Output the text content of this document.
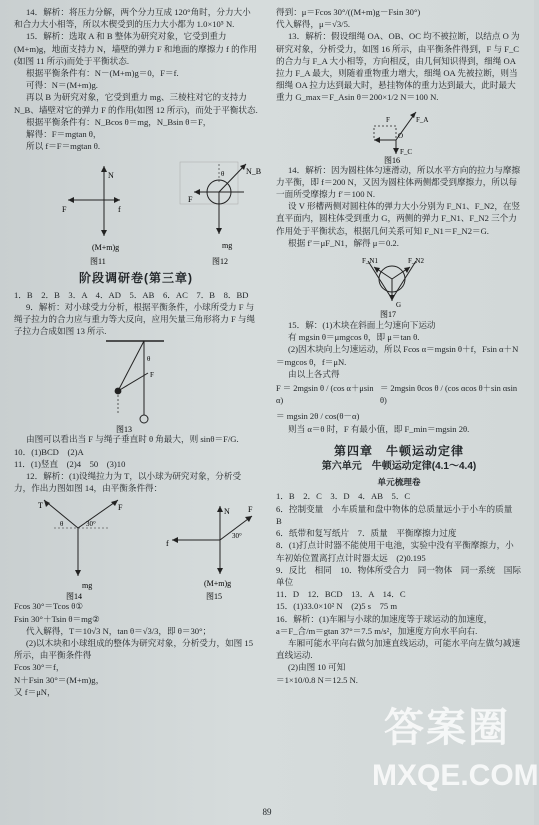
14．解析：将压力分解，两个分力互成 120°角时，分力大小和合力大小相等，所以木楔受到的压力大小都为 1.0×10⁵ N.

15．解析：选取 A 和 B 整体为研究对象，它受到重力(M+m)g，地面支持力 N，墙壁的弹力 F 和地面的摩擦力 f 的作用(如图 11 所示)而处于平衡状态.

根据平衡条件有：N－(M+m)g＝0，F＝f.

可得：N＝(M+m)g.

再以 B 为研究对象，它受到重力 mg、三棱柱对它的支持力 N_B、墙壁对它的弹力 F 的作用(如图 12 所示)，而处于平衡状态.

根据平衡条件有：N_Bcos θ＝mg，N_Bsin θ＝F，

解得：F＝mgtan θ，

所以 f＝F＝mgtan θ.

N
F	f
(M+m)g
图11
θ	N_B
F
mg
图12
阶段调研卷(第三章)

1．B　2．B　3．A　4．AD　5．AB　6．AC　7．B　8．BD

9．解析：对小球受力分析，根据平衡条件，小球所受力 F 与绳子拉力的合力应与重力等大反向，应用矢量三角形将力 F 与绳子拉力合成如图 13 所示.

θ
F
图13

由图可以看出当 F 与绳子垂直时 θ 角最大，则 sinθ＝F/G.

10．(1)BCD　(2)A

11．(1)竖直　(2)4　50　(3)10

12．解析：(1)设绳拉力为 T，以小球为研究对象，分析受力，作出力图如图 14，由平衡条件得：

T	F
θ	30°
mg
图14
N
f
F
30°
(M+m)g
图15

Fcos 30°＝Tcos θ①

Fsin 30°＋Tsin θ＝mg②

代入解得，T＝10√3 N，tan θ＝√3/3，即 θ＝30°；

(2)以木块和小球组成的整体为研究对象，分析受力，如图 15 所示，由平衡条件得

Fcos 30°＝f，

N＋Fsin 30°＝(M+m)g，

又 f＝μN，

得到：μ＝Fcos 30°/((M+m)g－Fsin 30°)

代入解得，μ＝√3/5.

13．解析：假设细绳 OA、OB、OC 均不被拉断，以结点 O 为研究对象，分析受力，如图 16 所示，由平衡条件得到，F 与 F_C 的合力与 F_A 大小相等，方向相反，由几何知识得到，细绳 OA 拉力 F_A 最大，则随着重物重力增大，细绳 OA 先被拉断，则当细绳 OA 拉力达到最大时，悬挂物体的重力达到最大，此时最大重力 G_max＝F_Asin θ＝200×1/2 N＝100 N.

F_A
F
O
F_C
图16

14．解析：因为圆柱体匀速滑动，所以水平方向的拉力与摩擦力平衡，即 f＝200 N，又因为圆柱体两侧都受到摩擦力，所以每一面所受摩擦力 f′＝100 N.

设 V 形槽两侧对圆柱体的弹力大小分别为 F_N1、F_N2，在竖直平面内，圆柱体受到重力 G，两侧的弹力 F_N1、F_N2 三个力作用处于平衡状态，根据几何关系可知 F_N1＝F_N2＝G.

根据 f′＝μF_N1，解得 μ＝0.2.

F_N1	F_N2
G
图17

15．解：(1)木块在斜面上匀速向下运动

有 mgsin θ＝μmgcos θ，即 μ＝tan θ.

(2)因木块向上匀速运动，所以 Fcos α＝mgsin θ＋f，Fsin α＋N＝mgcos θ，f＝μN.

由以上各式得

F ＝ 2mgsin θ / (cos α＋μsin α)
＝ 2mgsin θcos θ / (cos αcos θ＋sin αsin θ)

＝ mgsin 2θ / cos(θ－α)

则当 α＝θ 时，F 有最小值，即 F_min＝mgsin 2θ.

第四章　牛顿运动定律
第六单元　牛顿运动定律(4.1～4.4)
单元梳理卷

1．B　2．C　3．D　4．AB　5．C

6．控制变量　小车质量和盘中物体的总质量远小于小车的质量　B

6．纸带和复写纸片　7．质量　平衡摩擦力过度

8．(1)打点计时器不能使用干电池，实验中没有平衡摩擦力，小车初始位置离打点计时器太远　(2)0.195

9．反比　相同　10．物体所受合力　同一物体　同一系统　国际单位

11．D　12．BCD　13．A　14．C

15．(1)33.0×10² N　(2)5 s　75 m

16．解析：(1)车厢与小球的加速度等于球运动的加速度，

a＝F_合/m＝gtan 37°＝7.5 m/s²，加速度方向水平向右.

车厢可能水平向右做匀加速直线运动，可能水平向左做匀减速直线运动.

(2)由图 10 可知

＝1×10/0.8 N＝12.5 N.

89
答案圈
MXQE.COM
